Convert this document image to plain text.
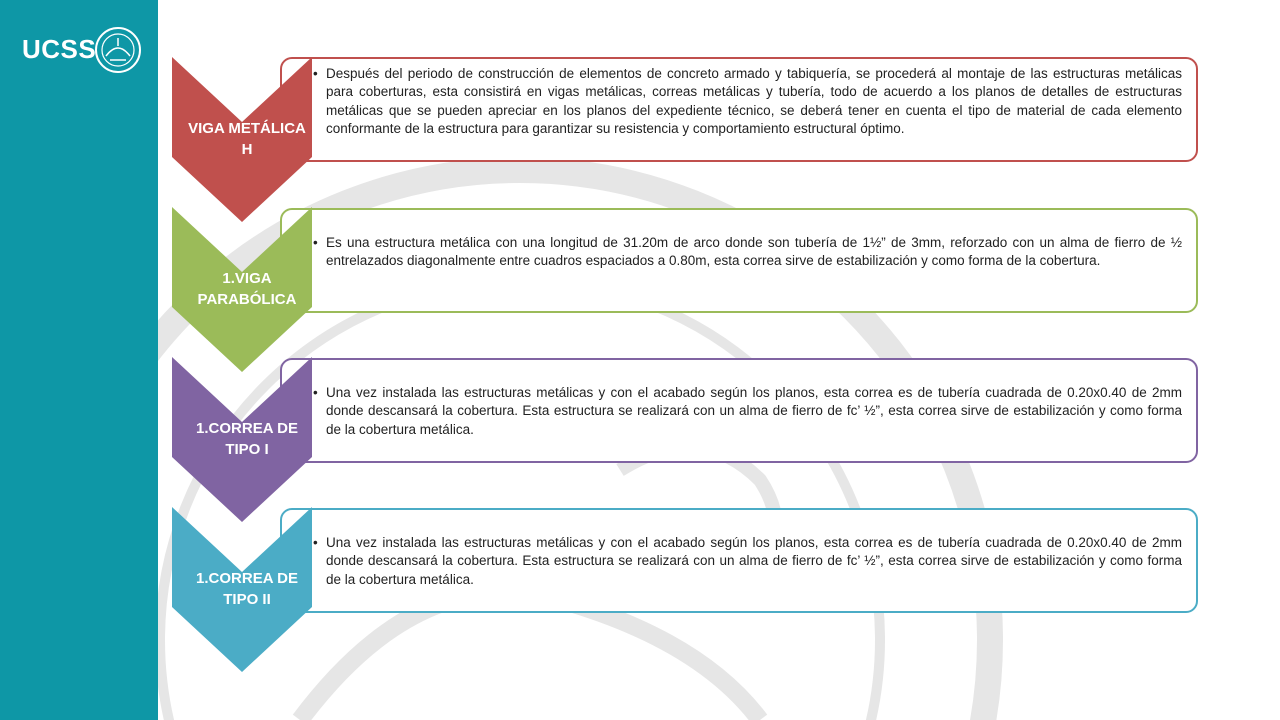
UCSS
• Después del periodo de construcción de elementos de concreto armado y tabiquería, se procederá al montaje de las estructuras metálicas para coberturas, esta consistirá en vigas metálicas, correas metálicas y tubería, todo de acuerdo a los planos de detalles de estructuras metálicas que se pueden apreciar en los planos del expediente técnico, se deberá tener en cuenta el tipo de material de cada elemento conformante de la estructura para garantizar su resistencia y comportamiento estructural óptimo.
VIGA METÁLICA H
• Es una estructura metálica con una longitud de 31.20m de arco donde son tubería de 1½” de 3mm, reforzado con un alma de fierro de ½ entrelazados diagonalmente entre cuadros espaciados a 0.80m, esta correa sirve de estabilización y como forma de la cobertura.
1.VIGA PARABÓLICA
• Una vez instalada las estructuras metálicas y con el acabado según los planos, esta correa es de tubería cuadrada de 0.20x0.40 de 2mm donde descansará la cobertura. Esta estructura se realizará con un alma de fierro de fc’ ½”, esta correa sirve de estabilización y como forma de la cobertura metálica.
1.CORREA DE TIPO I
• Una vez instalada las estructuras metálicas y con el acabado según los planos, esta correa es de tubería cuadrada de 0.20x0.40 de 2mm donde descansará la cobertura. Esta estructura se realizará con un alma de fierro de fc’ ½”, esta correa sirve de estabilización y como forma de la cobertura metálica.
1.CORREA DE TIPO II
